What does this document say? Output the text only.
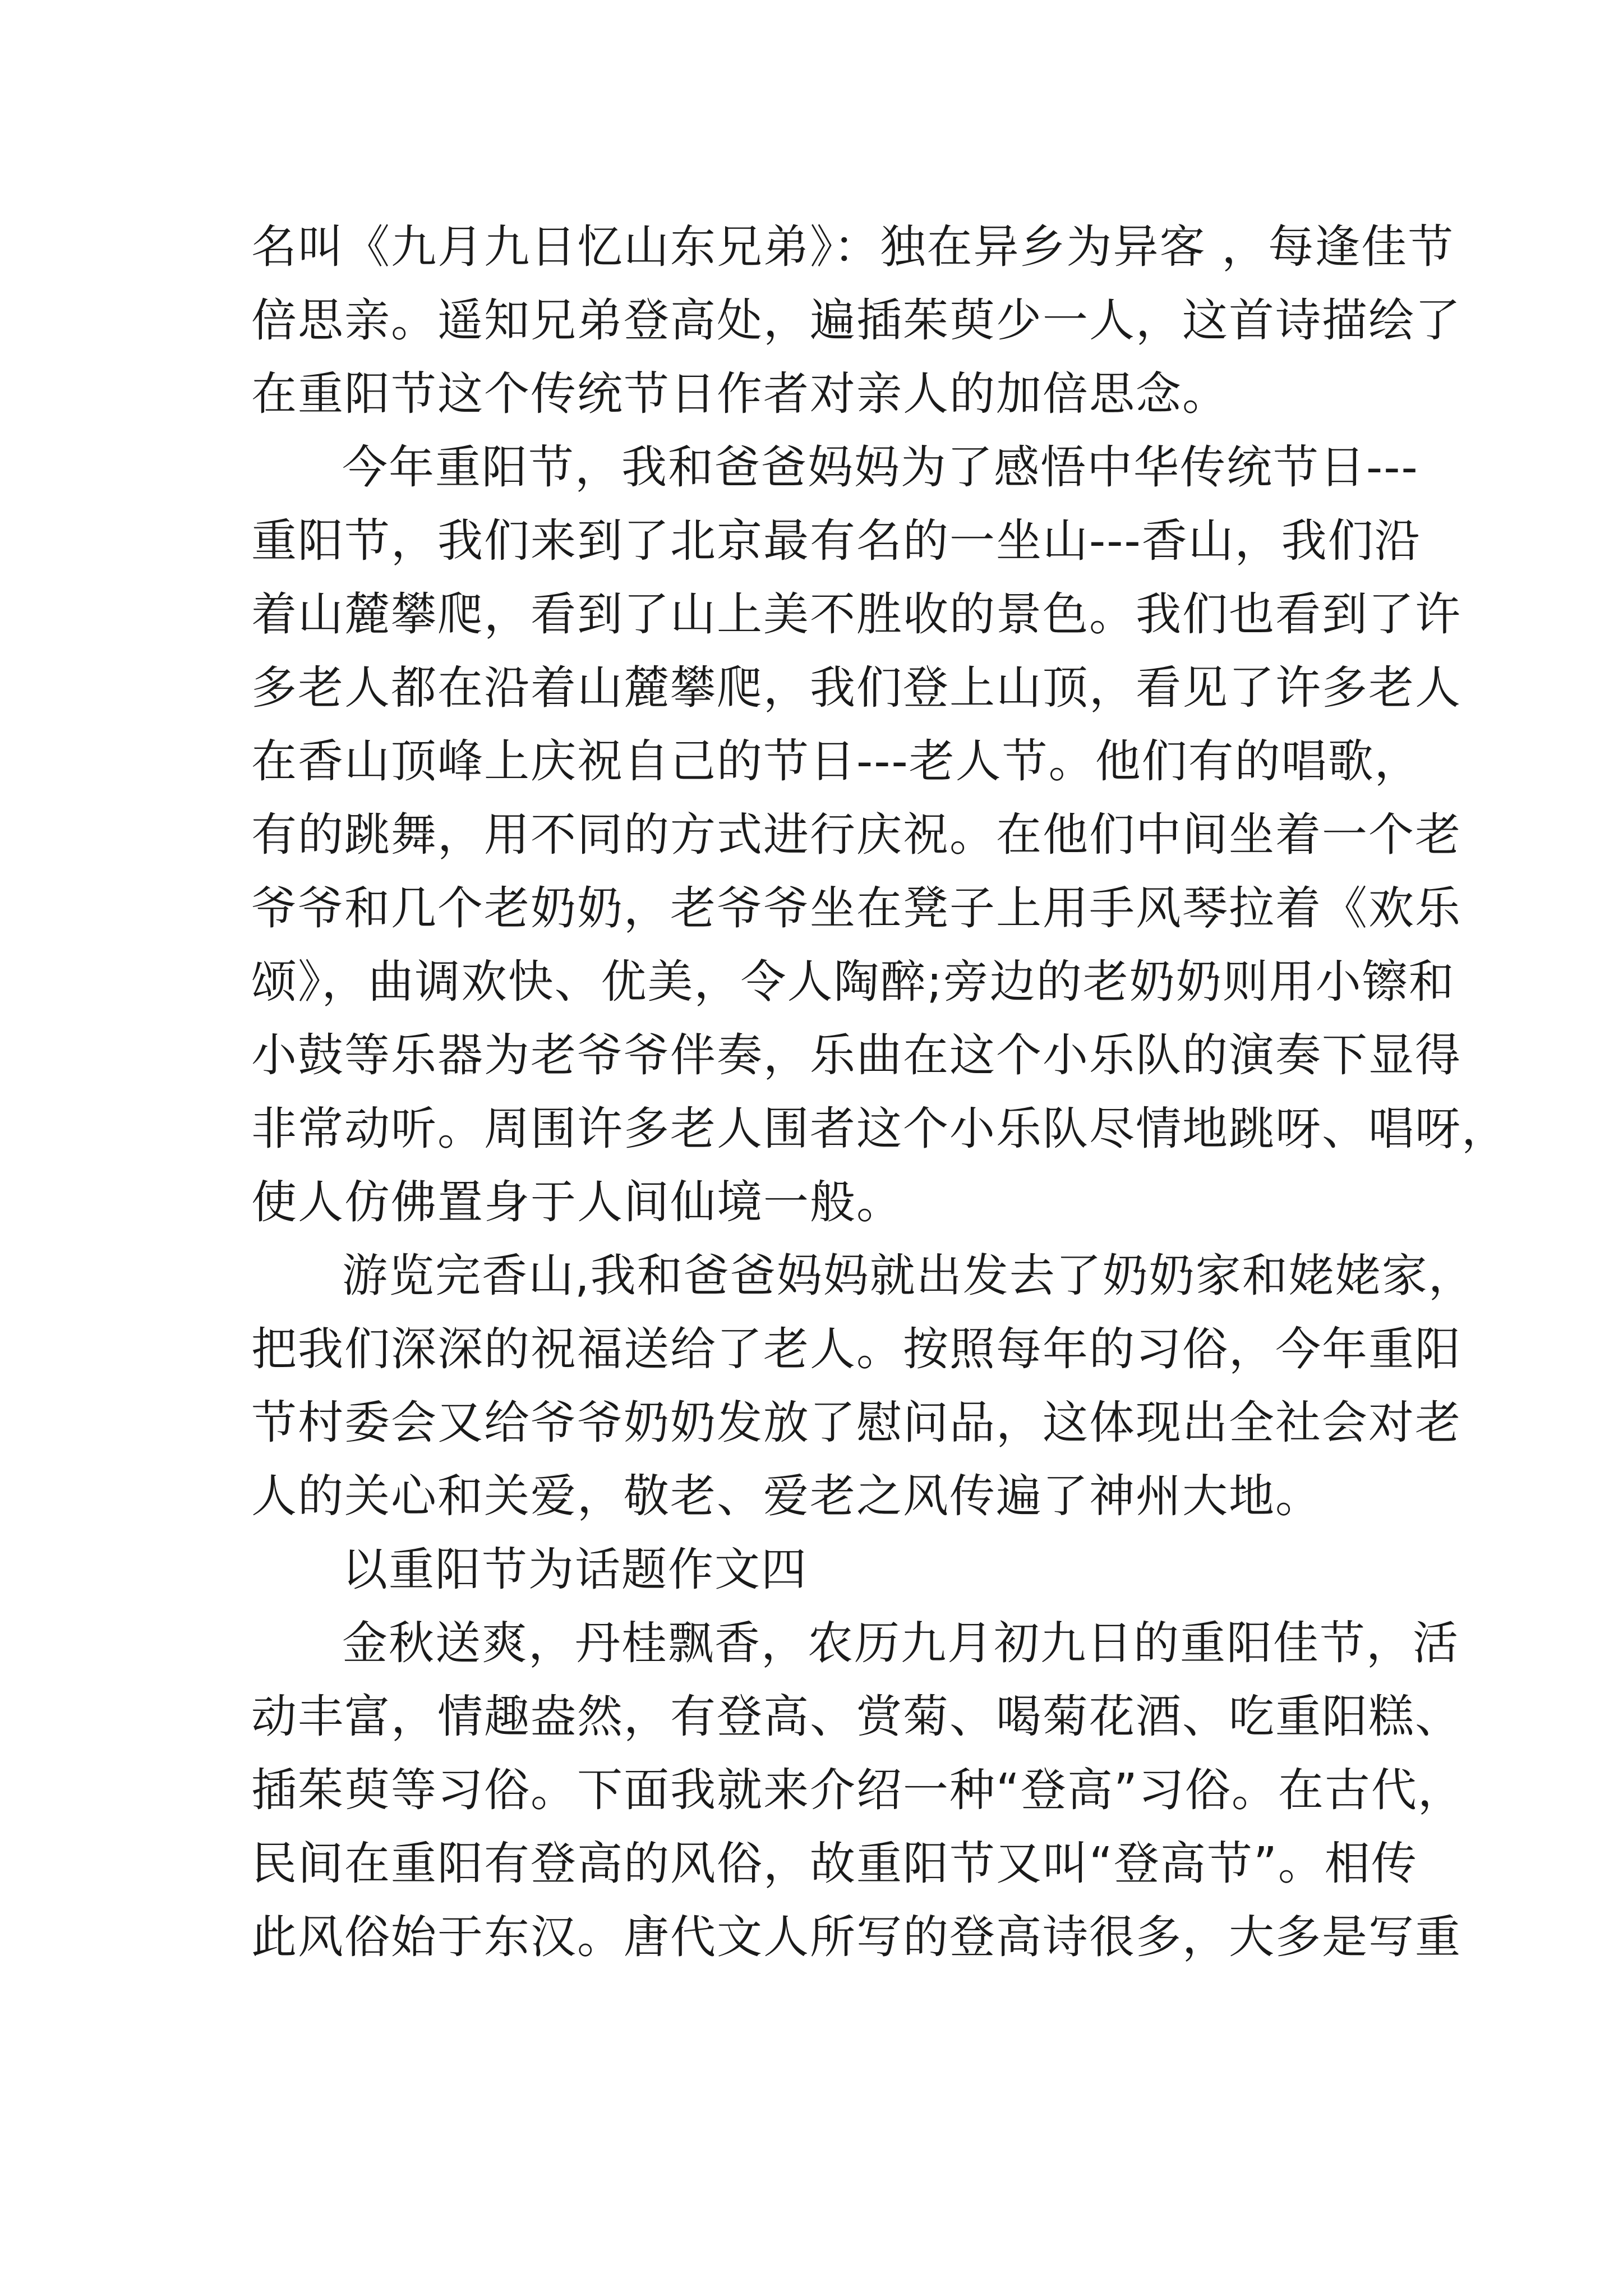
名叫《九月九日忆山东兄弟》：独在异乡为异客 ，每逢佳节
倍思亲。遥知兄弟登高处，遍插茱萸少一人，这首诗描绘了
在重阳节这个传统节日作者对亲人的加倍思念。
今年重阳节，我和爸爸妈妈为了感悟中华传统节日---
重阳节，我们来到了北京最有名的一坐山---香山，我们沿
着山麓攀爬，看到了山上美不胜收的景色。我们也看到了许
多老人都在沿着山麓攀爬，我们登上山顶，看见了许多老人
在香山顶峰上庆祝自己的节日---老人节。他们有的唱歌，
有的跳舞，用不同的方式进行庆祝。在他们中间坐着一个老
爷爷和几个老奶奶，老爷爷坐在凳子上用手风琴拉着《欢乐
颂》，曲调欢快、优美，令人陶醉;旁边的老奶奶则用小镲和
小鼓等乐器为老爷爷伴奏，乐曲在这个小乐队的演奏下显得
非常动听。周围许多老人围者这个小乐队尽情地跳呀、唱呀，
使人仿佛置身于人间仙境一般。
游览完香山,我和爸爸妈妈就出发去了奶奶家和姥姥家，
把我们深深的祝福送给了老人。按照每年的习俗，今年重阳
节村委会又给爷爷奶奶发放了慰问品，这体现出全社会对老
人的关心和关爱，敬老、爱老之风传遍了神州大地。
以重阳节为话题作文四
金秋送爽，丹桂飘香，农历九月初九日的重阳佳节，活
动丰富，情趣盎然，有登高、赏菊、喝菊花酒、吃重阳糕、
插茱萸等习俗。下面我就来介绍一种“登高”习俗。在古代，
民间在重阳有登高的风俗，故重阳节又叫“登高节”。相传
此风俗始于东汉。唐代文人所写的登高诗很多，大多是写重
